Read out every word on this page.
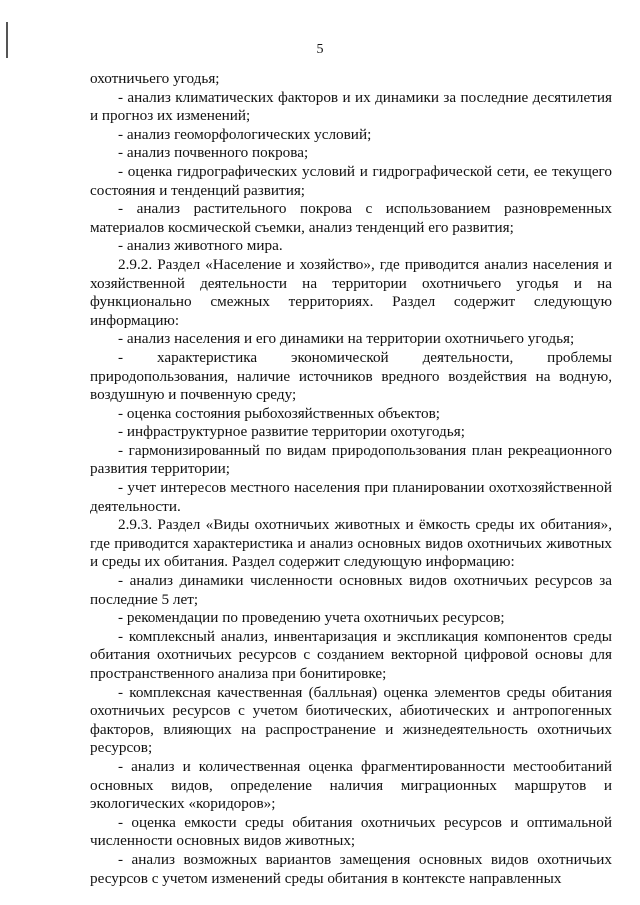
5

охотничьего угодья;

- анализ климатических факторов и их динамики за последние десятилетия и прогноз их изменений;

- анализ геоморфологических условий;

- анализ почвенного покрова;

- оценка гидрографических условий и гидрографической сети, ее текущего состояния и тенденций развития;

- анализ растительного покрова с использованием разновременных материалов космической съемки, анализ тенденций его развития;

- анализ животного мира.

2.9.2. Раздел «Население и хозяйство», где приводится анализ населения и хозяйственной деятельности на территории охотничьего угодья и на функционально смежных территориях. Раздел содержит следующую информацию:

- анализ населения и его динамики на территории охотничьего угодья;

- характеристика экономической деятельности, проблемы природопользования, наличие источников вредного воздействия на водную, воздушную и почвенную среду;

- оценка состояния рыбохозяйственных объектов;

- инфраструктурное развитие территории охотугодья;

- гармонизированный по видам природопользования план рекреационного развития территории;

- учет интересов местного населения при планировании охотхозяйственной деятельности.

2.9.3. Раздел «Виды охотничьих животных и ёмкость среды их обитания», где приводится характеристика и анализ основных видов охотничьих животных и среды их обитания. Раздел содержит следующую информацию:

- анализ динамики численности основных видов охотничьих ресурсов за последние 5 лет;

- рекомендации по проведению учета охотничьих ресурсов;

- комплексный анализ, инвентаризация и экспликация компонентов среды обитания охотничьих ресурсов с созданием векторной цифровой основы для пространственного анализа при бонитировке;

- комплексная качественная (балльная) оценка элементов среды обитания охотничьих ресурсов с учетом биотических, абиотических и антропогенных факторов, влияющих на распространение и жизнедеятельность охотничьих ресурсов;

- анализ и количественная оценка фрагментированности местообитаний основных видов, определение наличия миграционных маршрутов и экологических «коридоров»;

- оценка емкости среды обитания охотничьих ресурсов и оптимальной численности основных видов животных;

- анализ возможных вариантов замещения основных видов охотничьих ресурсов с учетом изменений среды обитания в контексте направленных
